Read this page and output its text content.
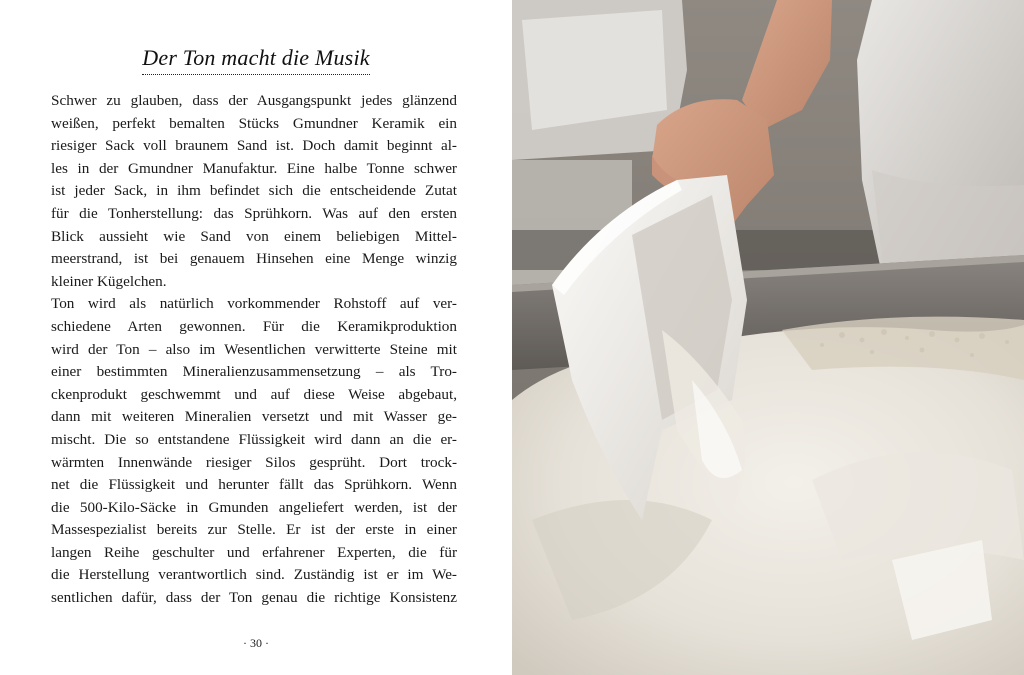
Der Ton macht die Musik
Schwer zu glauben, dass der Ausgangspunkt jedes glänzend
weißen, perfekt bemalten Stücks Gmundner Keramik ein
riesiger Sack voll braunem Sand ist. Doch damit beginnt al-
les in der Gmundner Manufaktur. Eine halbe Tonne schwer
ist jeder Sack, in ihm befindet sich die entscheidende Zutat
für die Tonherstellung: das Sprühkorn. Was auf den ersten
Blick aussieht wie Sand von einem beliebigen Mittel-
meerstrand, ist bei genauem Hinsehen eine Menge winzig
kleiner Kügelchen.
Ton wird als natürlich vorkommender Rohstoff auf ver-
schiedene Arten gewonnen. Für die Keramikproduktion
wird der Ton – also im Wesentlichen verwitterte Steine mit
einer bestimmten Mineralienzusammensetzung – als Tro-
ckenprodukt geschwemmt und auf diese Weise abgebaut,
dann mit weiteren Mineralien versetzt und mit Wasser ge-
mischt. Die so entstandene Flüssigkeit wird dann an die er-
wärmten Innenwände riesiger Silos gesprüht. Dort trock-
net die Flüssigkeit und herunter fällt das Sprühkorn. Wenn
die 500-Kilo-Säcke in Gmunden angeliefert werden, ist der
Massespezialist bereits zur Stelle. Er ist der erste in einer
langen Reihe geschulter und erfahrener Experten, die für
die Herstellung verantwortlich sind. Zuständig ist er im We-
sentlichen dafür, dass der Ton genau die richtige Konsistenz
· 30 ·
